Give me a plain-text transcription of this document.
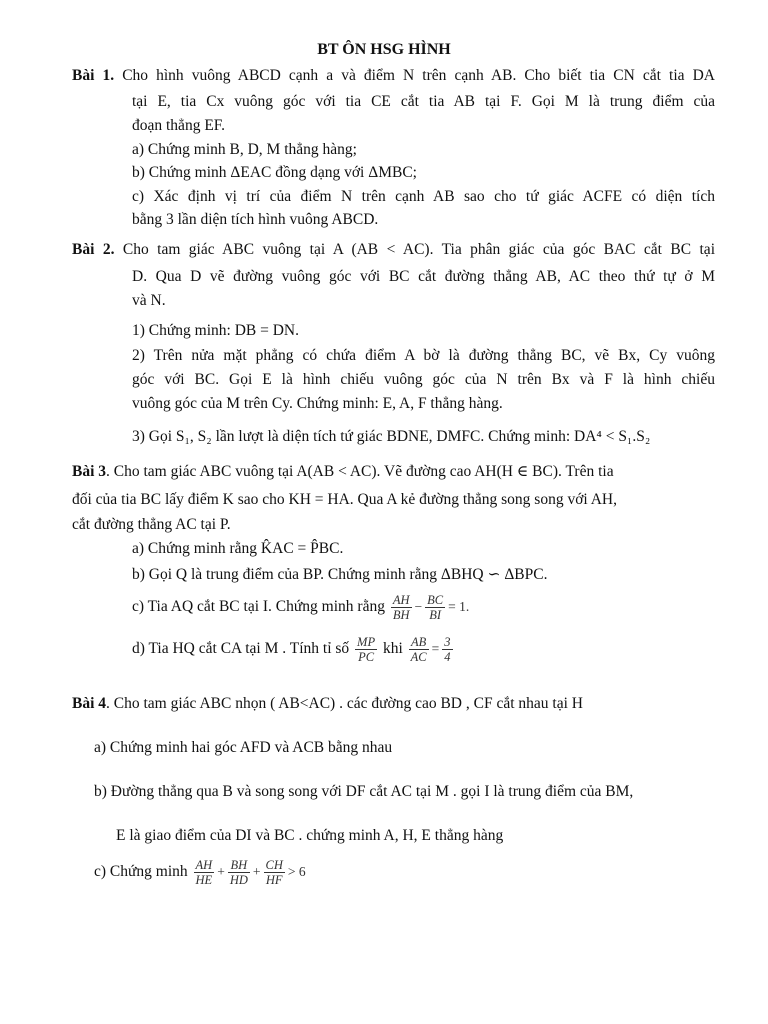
BT ÔN HSG HÌNH
Bài 1. Cho hình vuông ABCD cạnh a và điểm N trên cạnh AB. Cho biết tia CN cắt tia DA
tại E, tia Cx vuông góc với tia CE cắt tia AB tại F. Gọi M là trung điểm của
đoạn thẳng EF.
a) Chứng minh B, D, M thẳng hàng;
b) Chứng minh ΔEAC đồng dạng với ΔMBC;
c) Xác định vị trí của điểm N trên cạnh AB sao cho tứ giác ACFE có diện tích
bằng 3 lần diện tích hình vuông ABCD.
Bài 2. Cho tam giác ABC vuông tại A (AB < AC). Tia phân giác của góc BAC cắt BC tại
D. Qua D vẽ đường vuông góc với BC cắt đường thẳng AB, AC theo thứ tự ở M
và N.
1) Chứng minh: DB = DN.
2) Trên nửa mặt phẳng có chứa điểm A bờ là đường thẳng BC, vẽ Bx, Cy vuông
góc với BC. Gọi E là hình chiếu vuông góc của N trên Bx và F là hình chiếu
vuông góc của M trên Cy. Chứng minh: E, A, F thẳng hàng.
3) Gọi S₁, S₂ lần lượt là diện tích tứ giác BDNE, DMFC. Chứng minh: DA⁴ < S₁.S₂
Bài 3. Cho tam giác ABC vuông tại A(AB < AC). Vẽ đường cao AH(H ∈ BC). Trên tia
đối của tia BC lấy điểm K sao cho KH = HA. Qua A kẻ đường thẳng song song với AH,
cắt đường thẳng AC tại P.
a) Chứng minh rằng K̂AC = P̂BC.
b) Gọi Q là trung điểm của BP. Chứng minh rằng ΔBHQ ∽ ΔBPC.
c) Tia AQ cắt BC tại I. Chứng minh rằng $\frac{AH}{BH} - \frac{BC}{BI} = 1$.
d) Tia HQ cắt CA tại M . Tính tỉ số $\frac{MP}{PC}$ khi $\frac{AB}{AC} = \frac{3}{4}$
Bài 4. Cho tam giác ABC nhọn ( AB<AC) . các đường cao BD , CF cắt nhau tại H
a) Chứng minh hai góc AFD và ACB bằng nhau
b) Đường thẳng qua B và song song với DF cắt AC tại M . gọi I là trung điểm của BM,
E là giao điểm của DI và BC . chứng minh A, H, E thẳng hàng
c) Chứng minh $\frac{AH}{HE} + \frac{BH}{HD} + \frac{CH}{HF} > 6$
